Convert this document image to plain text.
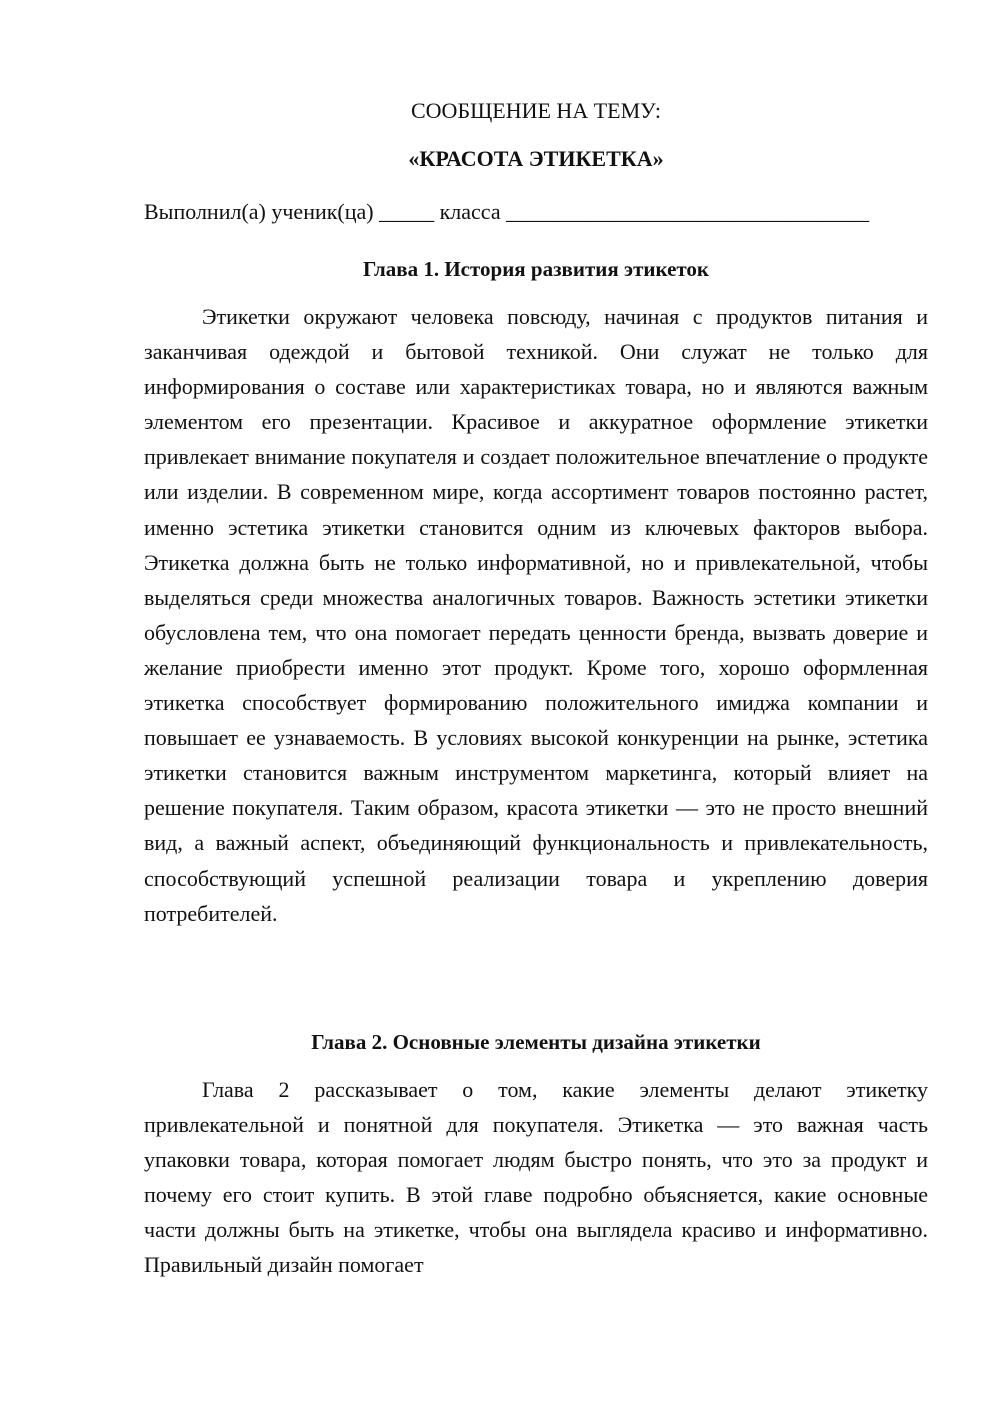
СООБЩЕНИЕ НА ТЕМУ:

«КРАСОТА ЭТИКЕТКА»

Выполнил(а) ученик(ца) _____ класса _________________________________
Глава 1. История развития этикеток

Этикетки окружают человека повсюду, начиная с продуктов питания и заканчивая одеждой и бытовой техникой. Они служат не только для информирования о составе или характеристиках товара, но и являются важным элементом его презентации. Красивое и аккуратное оформление этикетки привлекает внимание покупателя и создает положительное впечатление о продукте или изделии. В современном мире, когда ассортимент товаров постоянно растет, именно эстетика этикетки становится одним из ключевых факторов выбора. Этикетка должна быть не только информативной, но и привлекательной, чтобы выделяться среди множества аналогичных товаров. Важность эстетики этикетки обусловлена тем, что она помогает передать ценности бренда, вызвать доверие и желание приобрести именно этот продукт. Кроме того, хорошо оформленная этикетка способствует формированию положительного имиджа компании и повышает ее узнаваемость. В условиях высокой конкуренции на рынке, эстетика этикетки становится важным инструментом маркетинга, который влияет на решение покупателя. Таким образом, красота этикетки — это не просто внешний вид, а важный аспект, объединяющий функциональность и привлекательность, способствующий успешной реализации товара и укреплению доверия потребителей.

Глава 2. Основные элементы дизайна этикетки

Глава 2 рассказывает о том, какие элементы делают этикетку привлекательной и понятной для покупателя. Этикетка — это важная часть упаковки товара, которая помогает людям быстро понять, что это за продукт и почему его стоит купить. В этой главе подробно объясняется, какие основные части должны быть на этикетке, чтобы она выглядела красиво и информативно. Правильный дизайн помогает
